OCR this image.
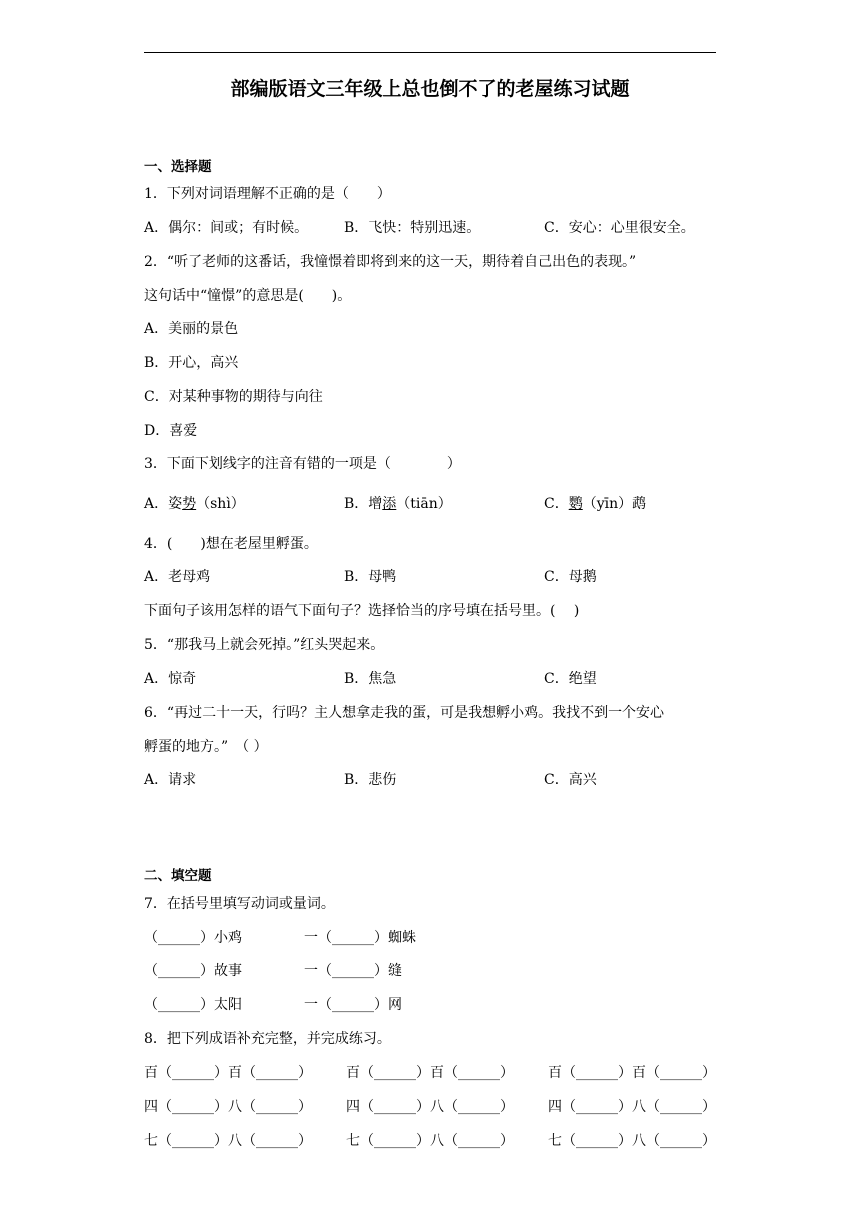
部编版语文三年级上总也倒不了的老屋练习试题
一、选择题
1．下列对词语理解不正确的是（　　）
A．偶尔：间或；有时候。	B．飞快：特别迅速。	C．安心：心里很安全。
2．“听了老师的这番话，我憧憬着即将到来的这一天，期待着自己出色的表现。”
这句话中“憧憬”的意思是(　　)。
A．美丽的景色
B．开心，高兴
C．对某种事物的期待与向往
D．喜爱
3．下面下划线字的注音有错的一项是（　　　　）
A．姿势（shì）	B．增添（tiān）	C．鹦（yīn）鹉
4．(　　)想在老屋里孵蛋。
A．老母鸡	B．母鸭	C．母鹅
下面句子该用怎样的语气下面句子？选择恰当的序号填在括号里。(　 )
5．“那我马上就会死掉。”红头哭起来。
A．惊奇	B．焦急	C．绝望
6．“再过二十一天，行吗？主人想拿走我的蛋，可是我想孵小鸡。我找不到一个安心
孵蛋的地方。”　（ ）
A．请求	B．悲伤	C．高兴
二、填空题
7．在括号里填写动词或量词。
（______）小鸡	一（______）蜘蛛
（______）故事	一（______）缝
（______）太阳	一（______）网
8．把下列成语补充完整，并完成练习。
百（______）百（______） 百（______）百（______） 百（______）百（______）
四（______）八（______） 四（______）八（______） 四（______）八（______）
七（______）八（______） 七（______）八（______） 七（______）八（______）
